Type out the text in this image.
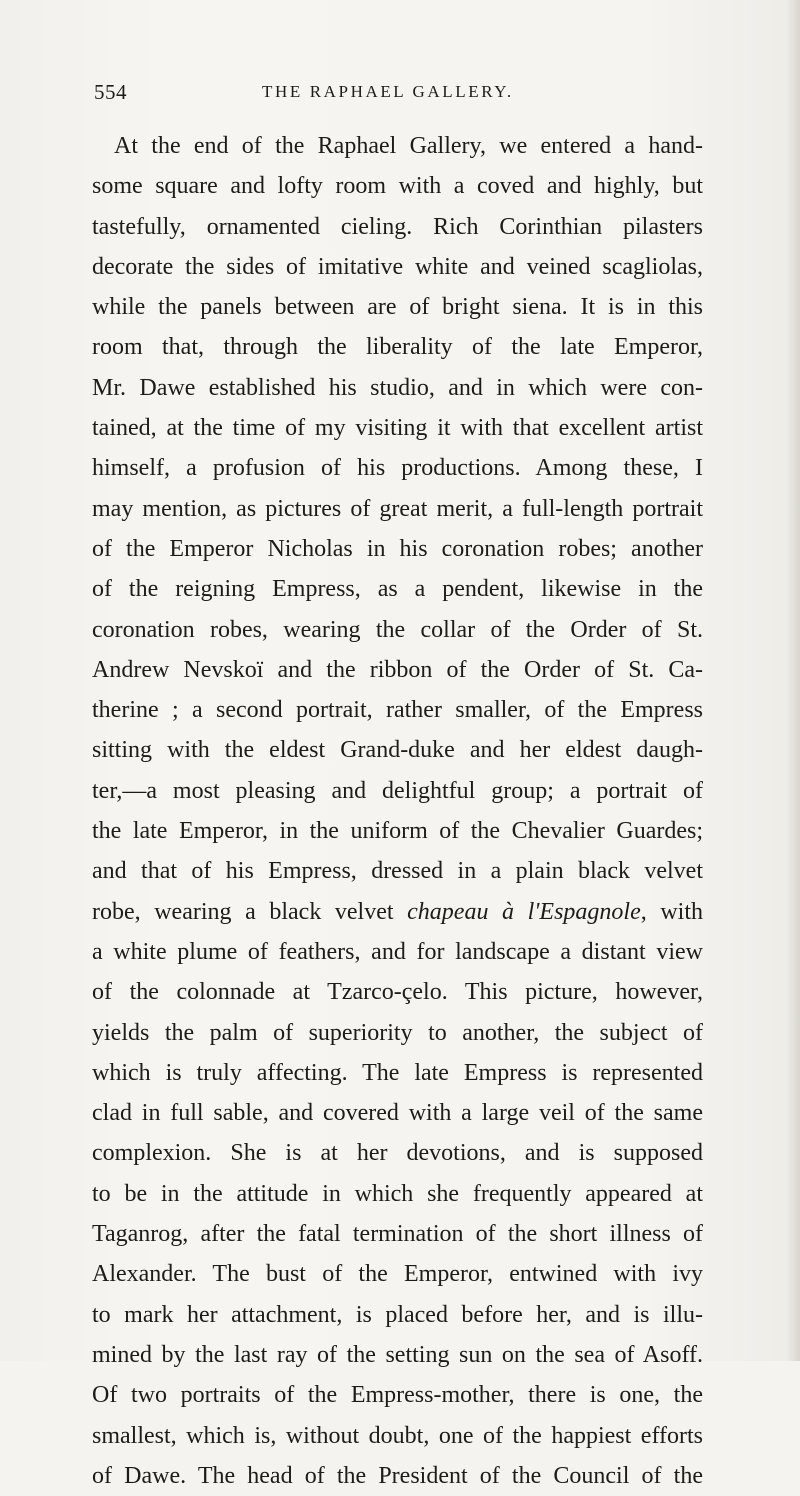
554	THE RAPHAEL GALLERY.
At the end of the Raphael Gallery, we entered a hand-
some square and lofty room with a coved and highly, but
tastefully, ornamented cieling. Rich Corinthian pilasters
decorate the sides of imitative white and veined scagliolas,
while the panels between are of bright siena. It is in this
room that, through the liberality of the late Emperor,
Mr. Dawe established his studio, and in which were con-
tained, at the time of my visiting it with that excellent artist
himself, a profusion of his productions. Among these, I
may mention, as pictures of great merit, a full-length portrait
of the Emperor Nicholas in his coronation robes; another
of the reigning Empress, as a pendent, likewise in the
coronation robes, wearing the collar of the Order of St.
Andrew Nevskoï and the ribbon of the Order of St. Ca-
therine ; a second portrait, rather smaller, of the Empress
sitting with the eldest Grand-duke and her eldest daugh-
ter,—a most pleasing and delightful group; a portrait of
the late Emperor, in the uniform of the Chevalier Guardes;
and that of his Empress, dressed in a plain black velvet
robe, wearing a black velvet chapeau à l'Espagnole, with
a white plume of feathers, and for landscape a distant view
of the colonnade at Tzarco-çelo. This picture, however,
yields the palm of superiority to another, the subject of
which is truly affecting. The late Empress is represented
clad in full sable, and covered with a large veil of the same
complexion. She is at her devotions, and is supposed
to be in the attitude in which she frequently appeared at
Taganrog, after the fatal termination of the short illness of
Alexander. The bust of the Emperor, entwined with ivy
to mark her attachment, is placed before her, and is illu-
mined by the last ray of the setting sun on the sea of Asoff.
Of two portraits of the Empress-mother, there is one, the
smallest, which is, without doubt, one of the happiest efforts
of Dawe. The head of the President of the Council of the
